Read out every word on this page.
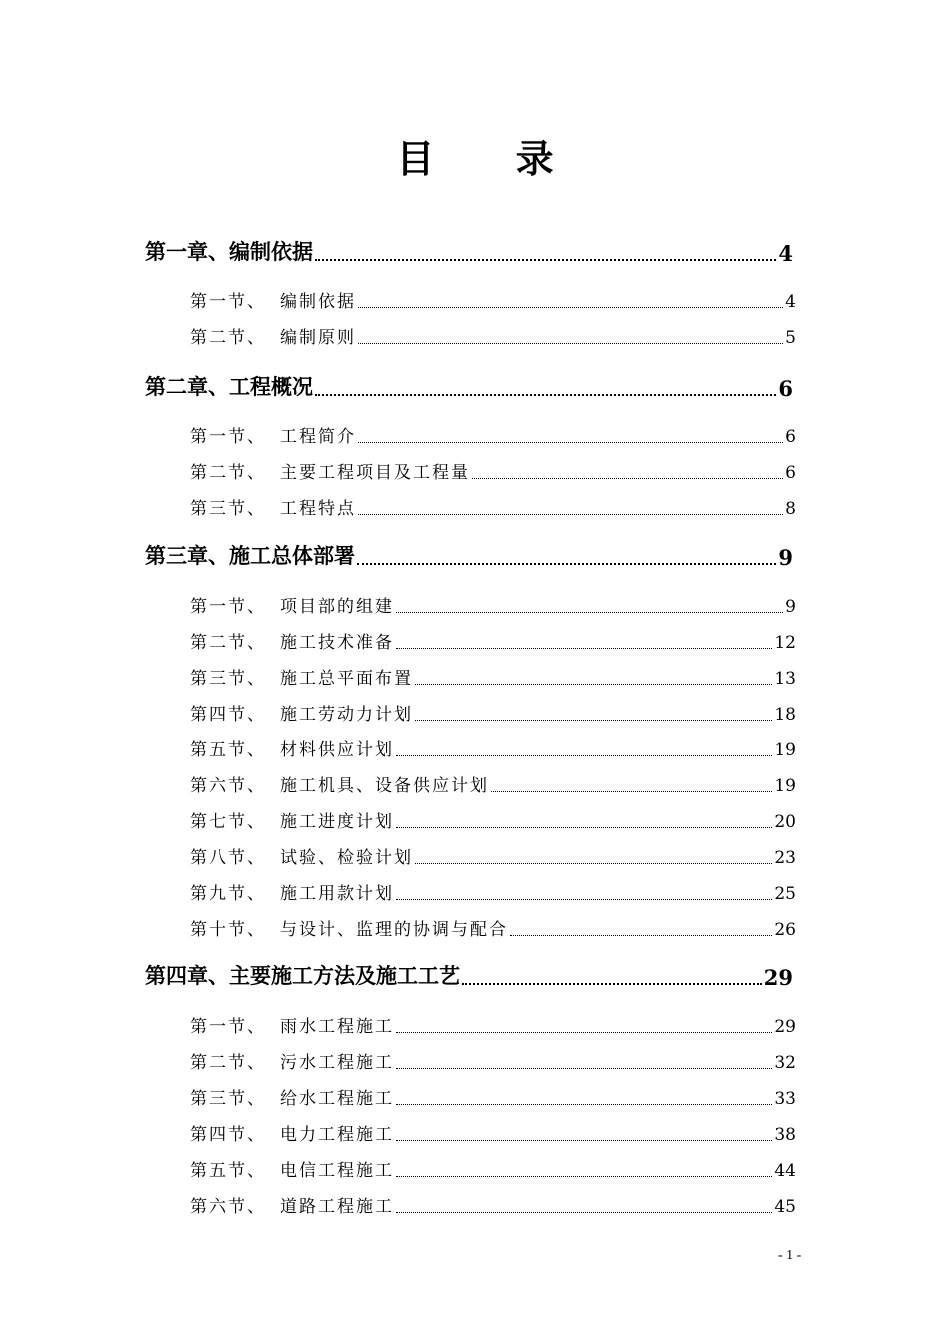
目 录
第一章、编制依据	4
第一节、 编制依据	4
第二节、 编制原则	5
第二章、工程概况	6
第一节、 工程简介	6
第二节、 主要工程项目及工程量	6
第三节、 工程特点	8
第三章、施工总体部署	9
第一节、 项目部的组建	9
第二节、 施工技术准备	12
第三节、 施工总平面布置	13
第四节、 施工劳动力计划	18
第五节、 材料供应计划	19
第六节、 施工机具、设备供应计划	19
第七节、 施工进度计划	20
第八节、 试验、检验计划	23
第九节、 施工用款计划	25
第十节、 与设计、监理的协调与配合	26
第四章、主要施工方法及施工工艺	29
第一节、 雨水工程施工	29
第二节、 污水工程施工	32
第三节、 给水工程施工	33
第四节、 电力工程施工	38
第五节、 电信工程施工	44
第六节、 道路工程施工	45
- 1 -
